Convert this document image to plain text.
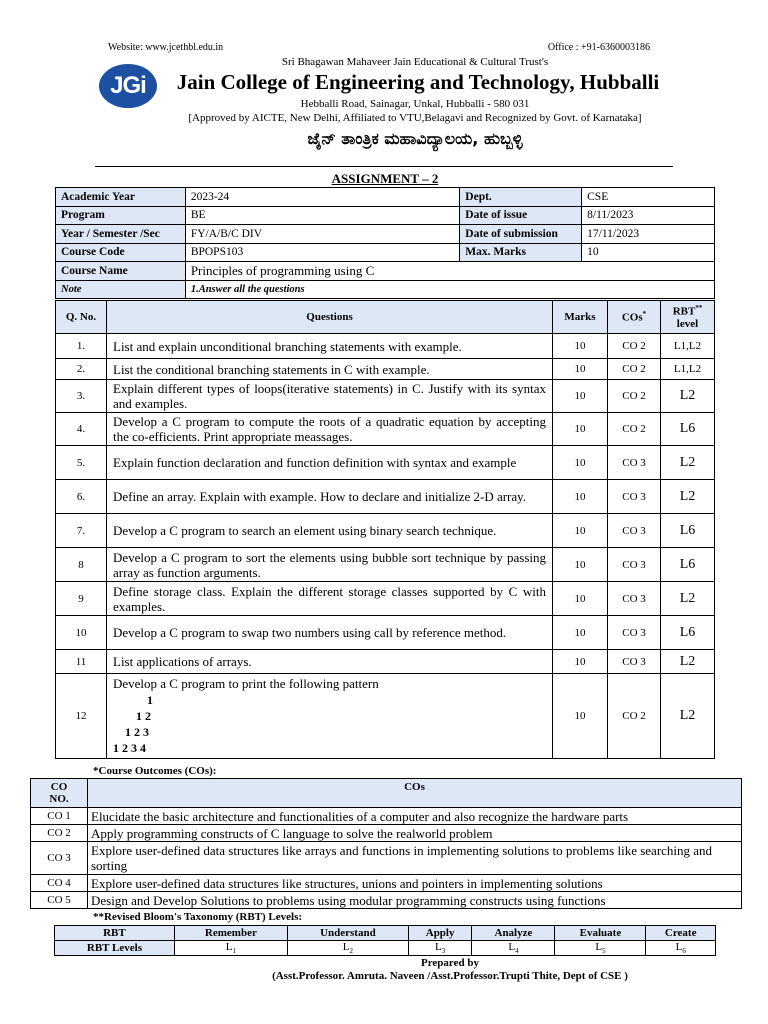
Website: www.jcethbl.edu.in	Office : +91-6360003186
JGi
Sri Bhagawan Mahaveer Jain Educational & Cultural Trust's
Jain College of Engineering and Technology, Hubballi
Hebballi Road, Sainagar, Unkal, Hubballi - 580 031
[Approved by AICTE, New Delhi, Affiliated to VTU,Belagavi and Recognized by Govt. of Karnataka]
ಜೈನ್ ತಾಂತ್ರಿಕ ಮಹಾವಿದ್ಯಾಲಯ, ಹುಬ್ಬಳ್ಳಿ
ASSIGNMENT – 2
Academic Year	2023-24	Dept.	CSE
Program	BE	Date of issue	8/11/2023
Year / Semester /Sec	FY/A/B/C DIV	Date of submission	17/11/2023
Course Code	BPOPS103	Max. Marks	10
Course Name	Principles of programming using C		
Note	1.Answer all the questions		
Q. No.	Questions	Marks	COs*	RBT**
level
1.	List and explain unconditional branching statements with example.	10	CO 2	L1,L2
2.	List the conditional branching statements in C with example.	10	CO 2	L1,L2
3.	Explain different types of loops(iterative statements) in C. Justify with its syntax and examples.	10	CO 2	L2
4.	Develop a C program to compute the roots of a quadratic equation by accepting the co-efficients. Print appropriate meassages.	10	CO 2	L6
5.	Explain function declaration and function definition with syntax and example	10	CO 3	L2
6.	Define an array. Explain with example. How to declare and initialize 2-D array.	10	CO 3	L2
7.	Develop a C program to search an element using binary search technique.	10	CO 3	L6
8	Develop a C program to sort the elements using bubble sort technique by passing array as function arguments.	10	CO 3	L6
9	Define storage class. Explain the different storage classes supported by C with examples.	10	CO 3	L2
10	Develop a C program to swap two numbers using call by reference method.	10	CO 3	L6
11	List applications of arrays.	10	CO 3	L2
12	Develop a C program to print the following pattern
1
1 2
1 2 3
1 2 3 4	10	CO 2	L2
*Course Outcomes (COs):
CO
NO.	COs
CO 1	Elucidate the basic architecture and functionalities of a computer and also recognize the hardware parts
CO 2	Apply programming constructs of C language to solve the realworld problem
CO 3	Explore user-defined data structures like arrays and functions in implementing solutions to problems like searching and sorting
CO 4	Explore user-defined data structures like structures, unions and pointers in implementing solutions
CO 5	Design and Develop Solutions to problems using modular programming constructs using functions
**Revised Bloom's Taxonomy (RBT) Levels:
RBT	Remember	Understand	Apply	Analyze	Evaluate	Create
RBT Levels	$L_1$	$L_2$	$L_3$	$L_4$	$L_5$	$L_6$
Prepared by
(Asst.Professor. Amruta. Naveen /Asst.Professor.Trupti Thite, Dept of CSE )
